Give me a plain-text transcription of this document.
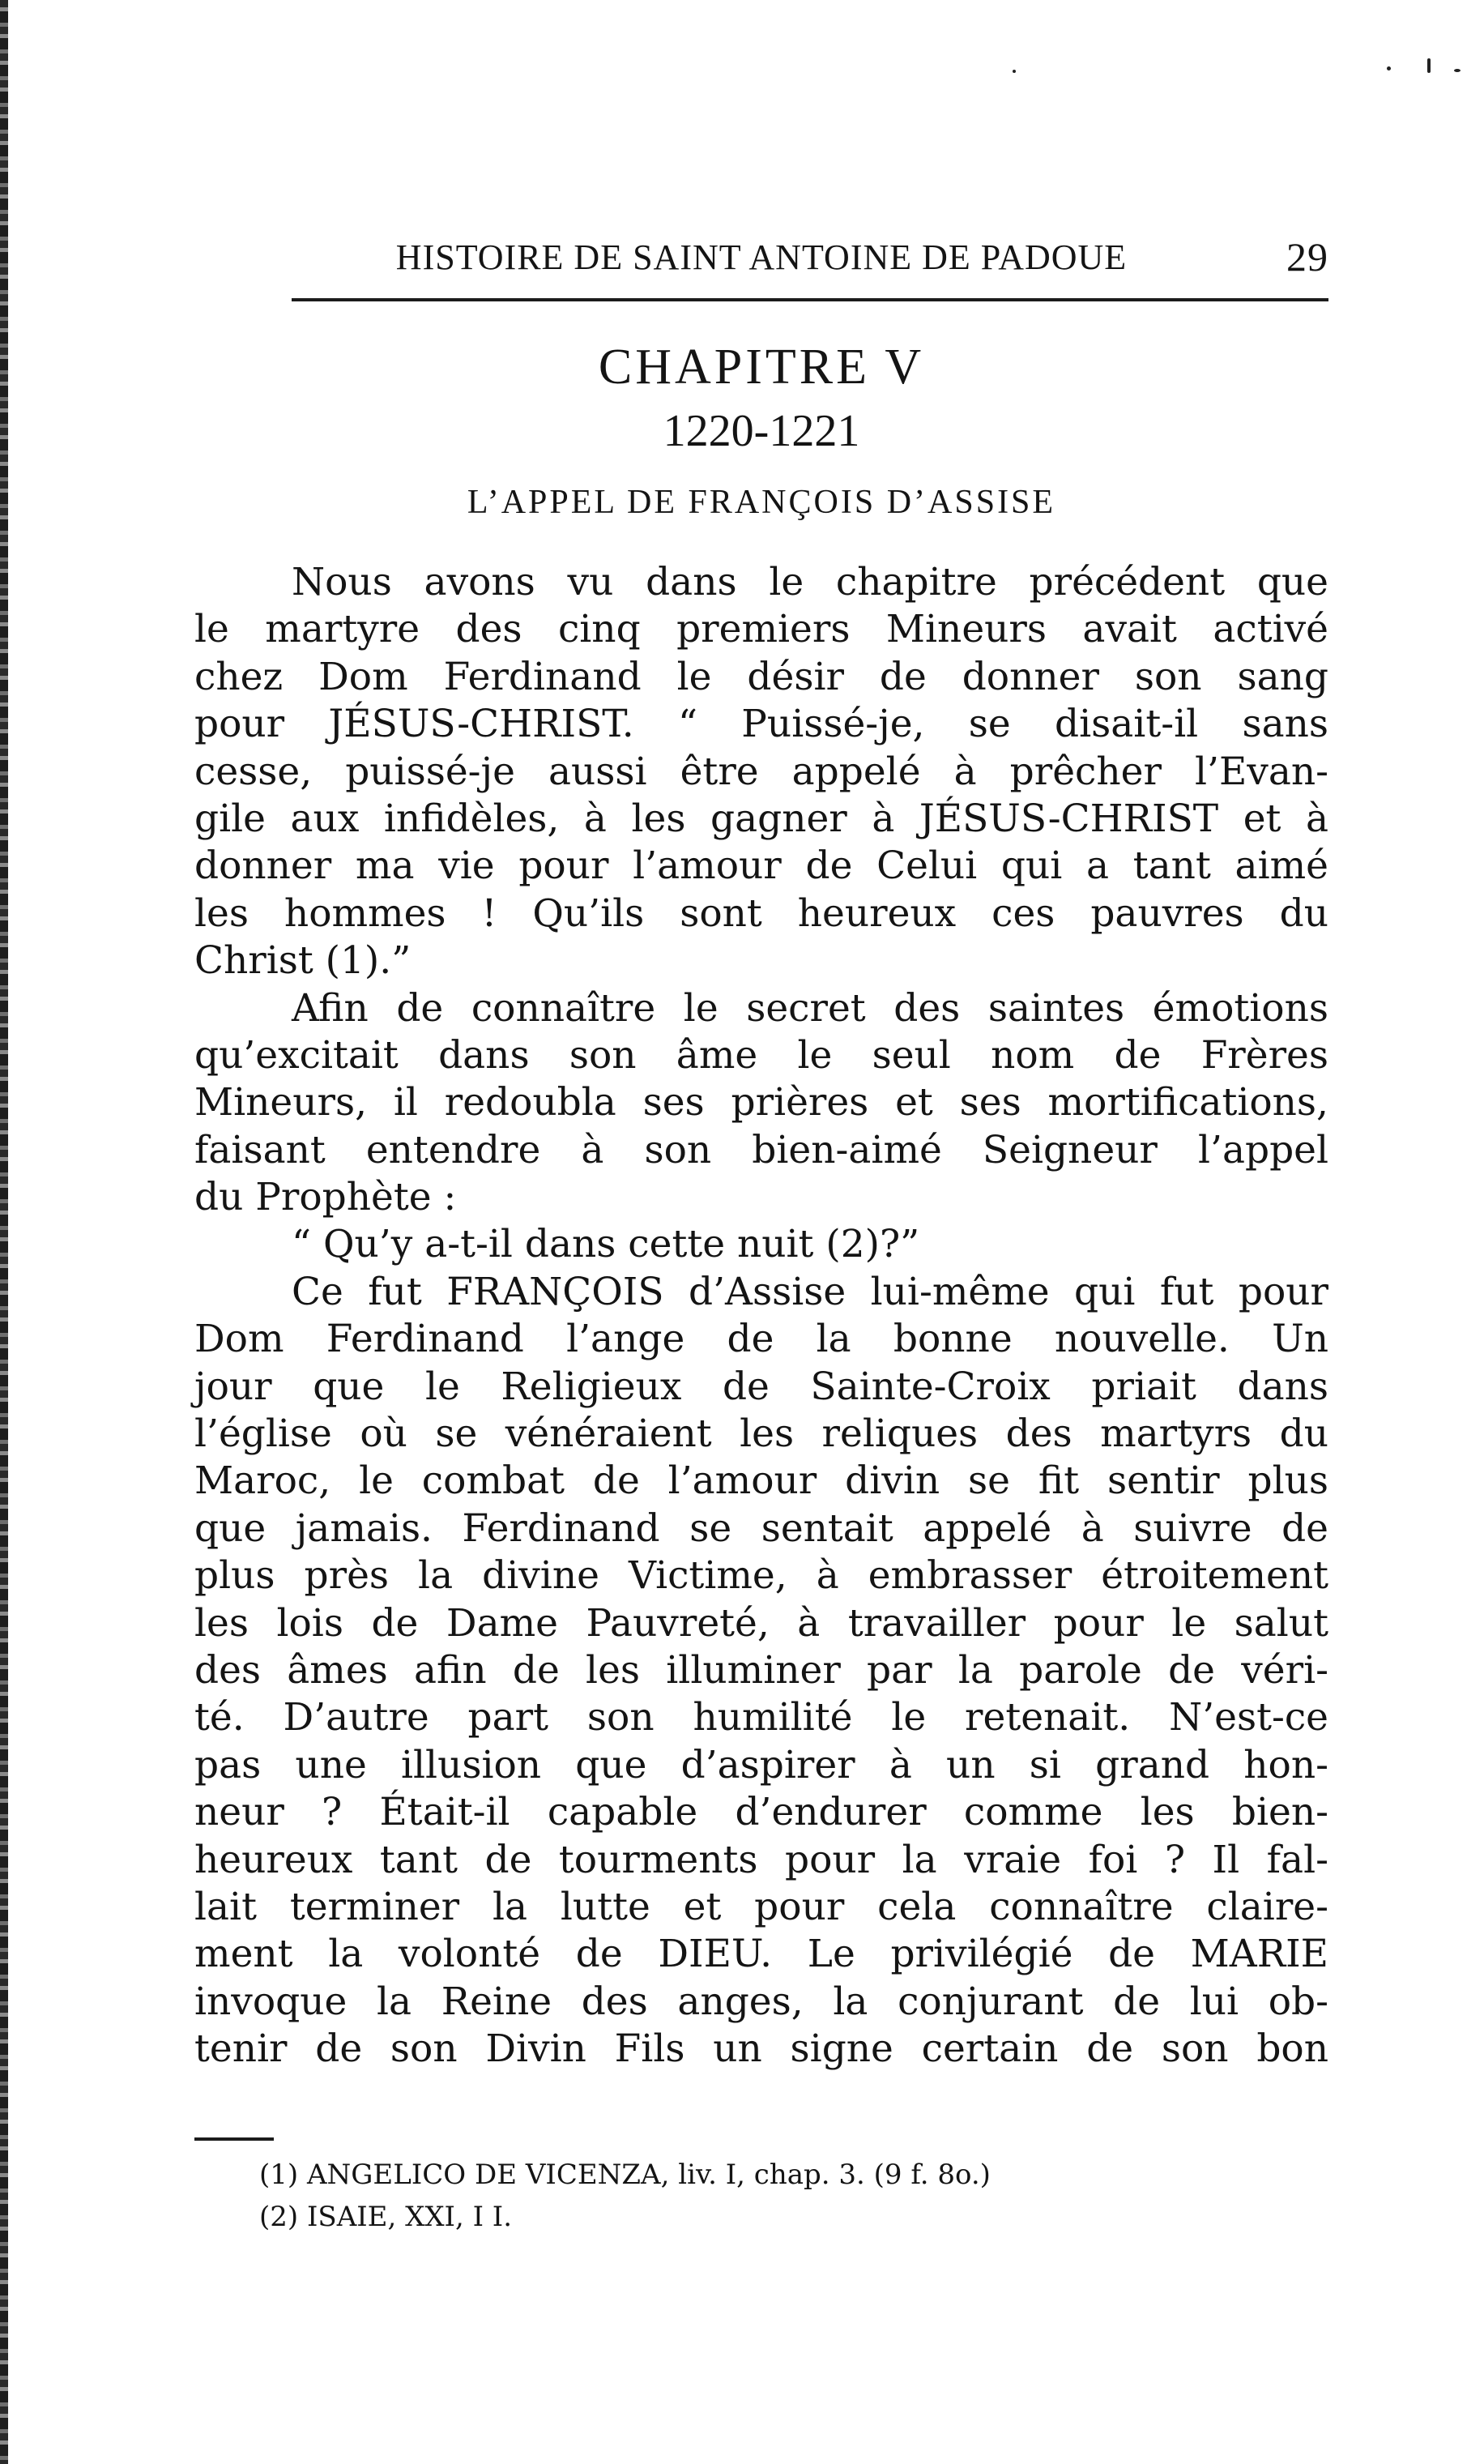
HISTOIRE DE SAINT ANTOINE DE PADOUE	29
CHAPITRE V
1220-1221
L’APPEL DE FRANÇOIS D’ASSISE
Nous avons vu dans le chapitre précédent que
le martyre des cinq premiers Mineurs avait activé
chez Dom Ferdinand le désir de donner son sang
pour JÉSUS-CHRIST. “ Puissé-je, se disait-il sans
cesse, puissé-je aussi être appelé à prêcher l’Evan-
gile aux infidèles, à les gagner à JÉSUS-CHRIST et à
donner ma vie pour l’amour de Celui qui a tant aimé
les hommes ! Qu’ils sont heureux ces pauvres du
Christ (1).”
Afin de connaître le secret des saintes émotions
qu’excitait dans son âme le seul nom de Frères
Mineurs, il redoubla ses prières et ses mortifications,
faisant entendre à son bien-aimé Seigneur l’appel
du Prophète :
“ Qu’y a-t-il dans cette nuit (2)?”
Ce fut FRANÇOIS d’Assise lui-même qui fut pour
Dom Ferdinand l’ange de la bonne nouvelle. Un
jour que le Religieux de Sainte-Croix priait dans
l’église où se vénéraient les reliques des martyrs du
Maroc, le combat de l’amour divin se fit sentir plus
que jamais. Ferdinand se sentait appelé à suivre de
plus près la divine Victime, à embrasser étroitement
les lois de Dame Pauvreté, à travailler pour le salut
des âmes afin de les illuminer par la parole de véri-
té. D’autre part son humilité le retenait. N’est-ce
pas une illusion que d’aspirer à un si grand hon-
neur ? Était-il capable d’endurer comme les bien-
heureux tant de tourments pour la vraie foi ? Il fal-
lait terminer la lutte et pour cela connaître claire-
ment la volonté de DIEU. Le privilégié de MARIE
invoque la Reine des anges, la conjurant de lui ob-
tenir de son Divin Fils un signe certain de son bon
(1) ANGELICO DE VICENZA, liv. I, chap. 3. (9 f. 8o.)
(2) ISAIE, XXI, I I.
